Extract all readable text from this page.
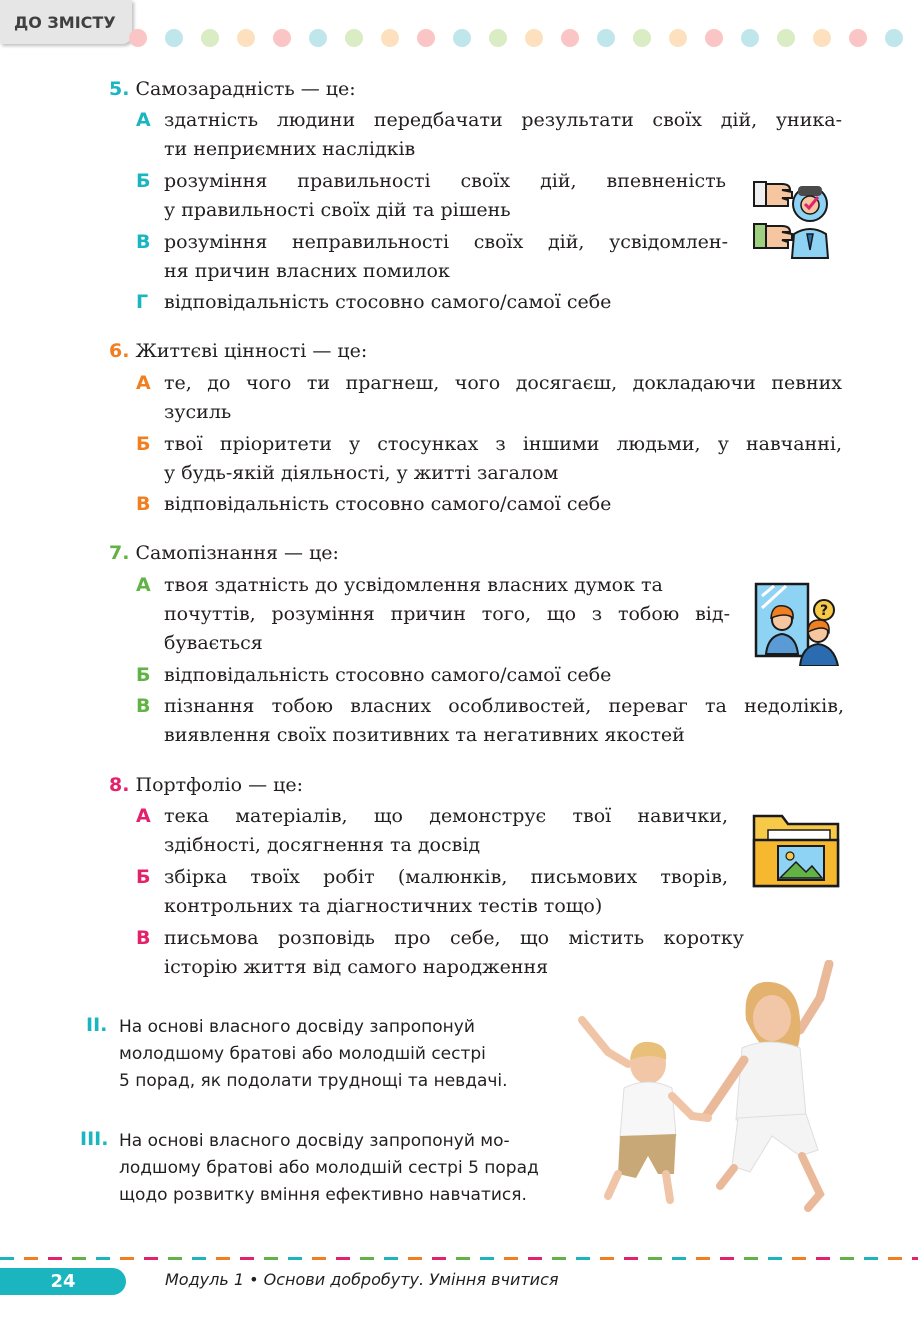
ДО ЗМІСТУ
5. Самозарадність — це:
А здатність людини передбачати результати своїх дій, уника-
ти неприємних наслідків
Б розуміння правильності своїх дій, впевненість
у правильності своїх дій та рішень
В розуміння неправильності своїх дій, усвідомлен-
ня причин власних помилок
Г відповідальність стосовно самого/самої себе
6. Життєві цінності — це:
А те, до чого ти прагнеш, чого досягаєш, докладаючи певних
зусиль
Б твої пріоритети у стосунках з іншими людьми, у навчанні,
у будь-якій діяльності, у житті загалом
В відповідальність стосовно самого/самої себе
7. Самопізнання — це:
А твоя здатність до усвідомлення власних думок та
почуттів, розуміння причин того, що з тобою від-
бувається
Б відповідальність стосовно самого/самої себе
В пізнання тобою власних особливостей, переваг та недоліків,
виявлення своїх позитивних та негативних якостей
?
8. Портфоліо — це:
А тека матеріалів, що демонструє твої навички,
здібності, досягнення та досвід
Б збірка твоїх робіт (малюнків, письмових творів,
контрольних та діагностичних тестів тощо)
В письмова розповідь про себе, що містить коротку
історію життя від самого народження
II. На основі власного досвіду запропонуй
молодшому братові або молодшій сестрі
5 порад, як подолати труднощі та невдачі.
III. На основі власного досвіду запропонуй мо-
лодшому братові або молодшій сестрі 5 порад
щодо розвитку вміння ефективно навчатися.
24	Модуль 1 • Основи добробуту. Уміння вчитися
